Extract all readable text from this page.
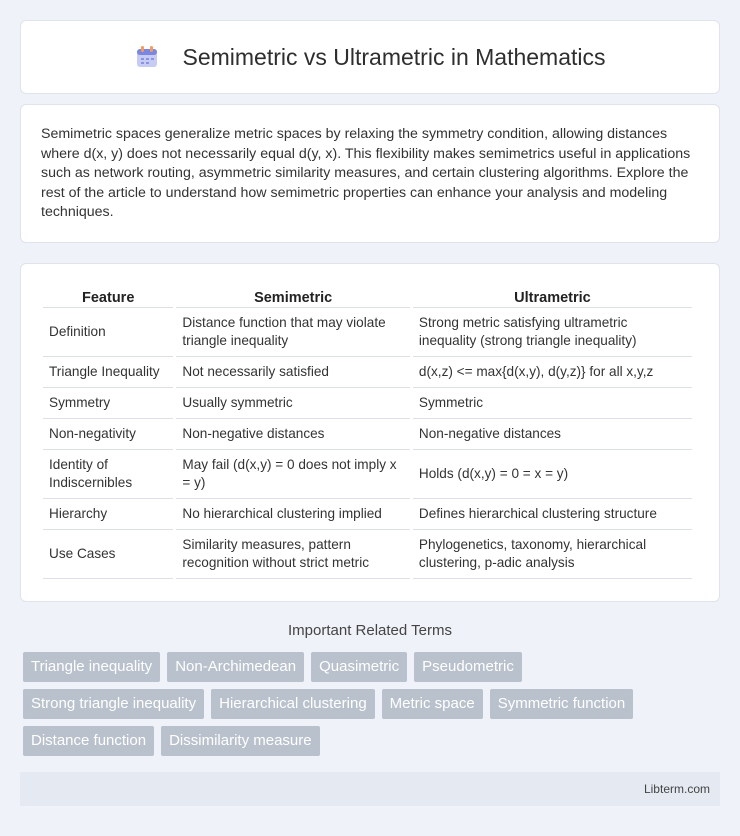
Semimetric vs Ultrametric in Mathematics

Semimetric spaces generalize metric spaces by relaxing the symmetry condition, allowing distances where d(x, y) does not necessarily equal d(y, x). This flexibility makes semimetrics useful in applications such as network routing, asymmetric similarity measures, and certain clustering algorithms. Explore the rest of the article to understand how semimetric properties can enhance your analysis and modeling techniques.

Feature	Semimetric	Ultrametric
Definition	Distance function that may violate triangle inequality	Strong metric satisfying ultrametric inequality (strong triangle inequality)
Triangle Inequality	Not necessarily satisfied	d(x,z) <= max{d(x,y), d(y,z)} for all x,y,z
Symmetry	Usually symmetric	Symmetric
Non-negativity	Non-negative distances	Non-negative distances
Identity of Indiscernibles	May fail (d(x,y) = 0 does not imply x = y)	Holds (d(x,y) = 0 = x = y)
Hierarchy	No hierarchical clustering implied	Defines hierarchical clustering structure
Use Cases	Similarity measures, pattern recognition without strict metric	Phylogenetics, taxonomy, hierarchical clustering, p-adic analysis
Important Related Terms
Triangle inequality	Non-Archimedean	Quasimetric	Pseudometric
Strong triangle inequality	Hierarchical clustering	Metric space	Symmetric function
Distance function	Dissimilarity measure
Libterm.com
